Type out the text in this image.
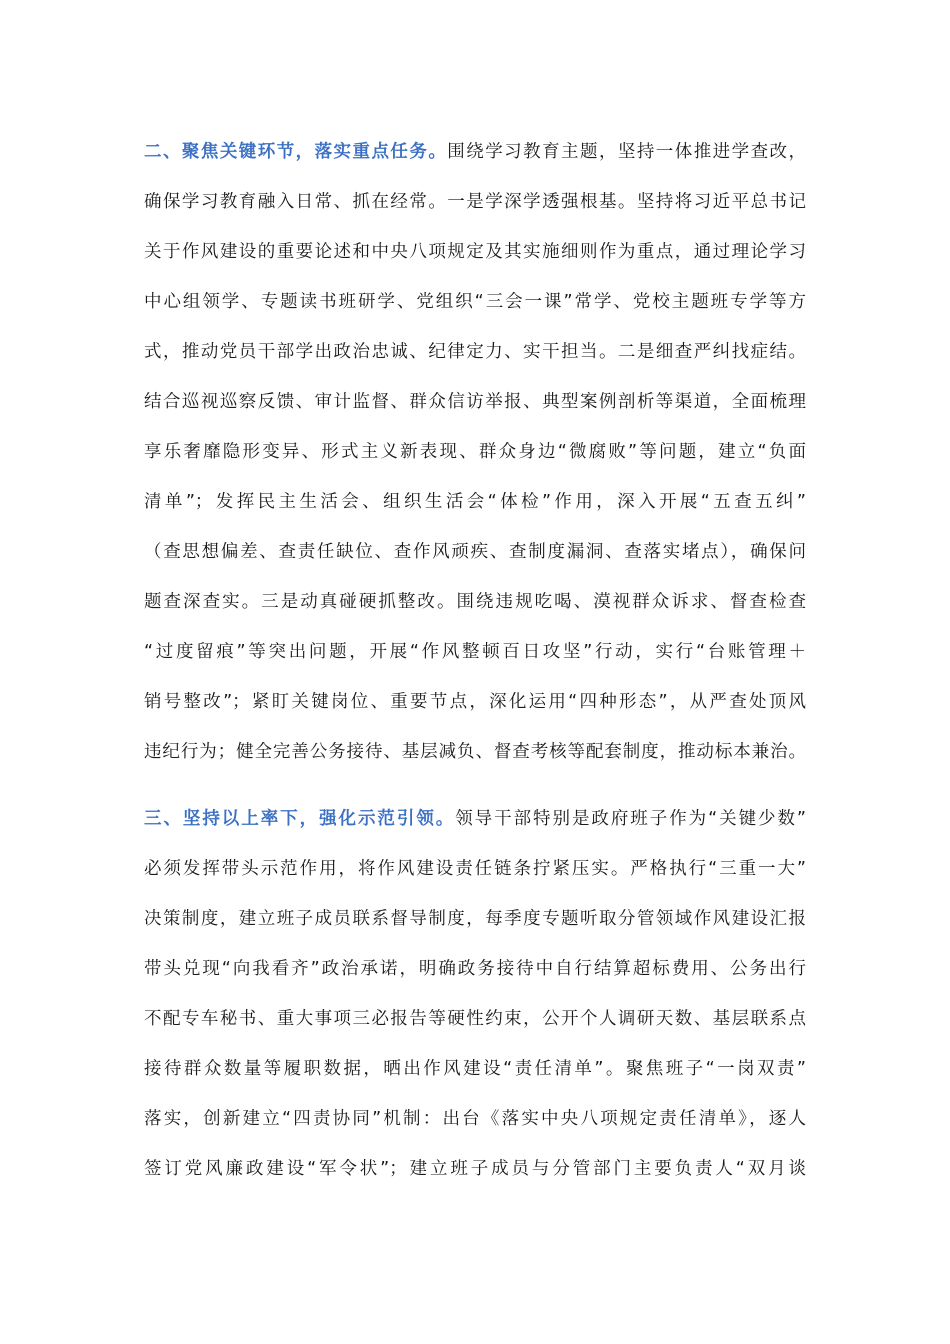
二、聚焦关键环节，落实重点任务。围绕学习教育主题，坚持一体推进学查改，
确保学习教育融入日常、抓在经常。一是学深学透强根基。坚持将习近平总书记
关于作风建设的重要论述和中央八项规定及其实施细则作为重点，通过理论学习
中心组领学、专题读书班研学、党组织“三会一课”常学、党校主题班专学等方
式，推动党员干部学出政治忠诚、纪律定力、实干担当。二是细查严纠找症结。
结合巡视巡察反馈、审计监督、群众信访举报、典型案例剖析等渠道，全面梳理
享乐奢靡隐形变异、形式主义新表现、群众身边“微腐败”等问题，建立“负面
清单”；发挥民主生活会、组织生活会“体检”作用，深入开展“五查五纠”
（查思想偏差、查责任缺位、查作风顽疾、查制度漏洞、查落实堵点），确保问
题查深查实。三是动真碰硬抓整改。围绕违规吃喝、漠视群众诉求、督查检查
“过度留痕”等突出问题，开展“作风整顿百日攻坚”行动，实行“台账管理＋
销号整改”；紧盯关键岗位、重要节点，深化运用“四种形态”，从严查处顶风
违纪行为；健全完善公务接待、基层减负、督查考核等配套制度，推动标本兼治。
三、坚持以上率下，强化示范引领。领导干部特别是政府班子作为“关键少数”
必须发挥带头示范作用，将作风建设责任链条拧紧压实。严格执行“三重一大”
决策制度，建立班子成员联系督导制度，每季度专题听取分管领域作风建设汇报
带头兑现“向我看齐”政治承诺，明确政务接待中自行结算超标费用、公务出行
不配专车秘书、重大事项三必报告等硬性约束，公开个人调研天数、基层联系点
接待群众数量等履职数据，晒出作风建设“责任清单”。聚焦班子“一岗双责”
落实，创新建立“四责协同”机制：出台《落实中央八项规定责任清单》，逐人
签订党风廉政建设“军令状”；建立班子成员与分管部门主要负责人“双月谈
